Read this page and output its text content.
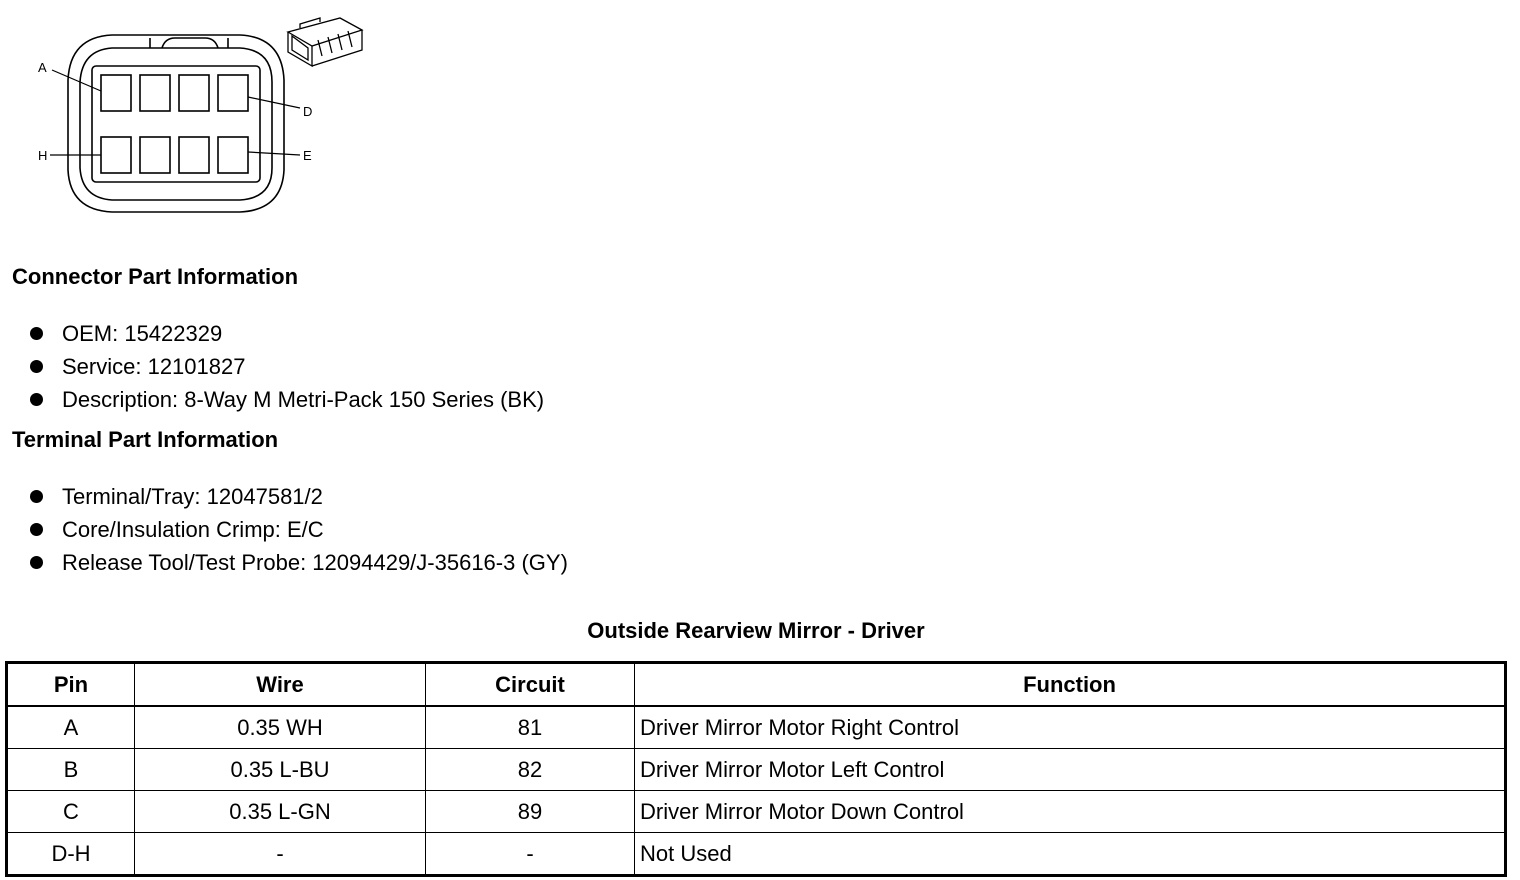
A
D
H	E
Connector Part Information
OEM: 15422329
Service: 12101827
Description: 8-Way M Metri-Pack 150 Series (BK)
Terminal Part Information
Terminal/Tray: 12047581/2
Core/Insulation Crimp: E/C
Release Tool/Test Probe: 12094429/J-35616-3 (GY)
Outside Rearview Mirror - Driver
Pin	Wire	Circuit	Function
A	0.35 WH	81	Driver Mirror Motor Right Control
B	0.35 L-BU	82	Driver Mirror Motor Left Control
C	0.35 L-GN	89	Driver Mirror Motor Down Control
D-H	-	-	Not Used
